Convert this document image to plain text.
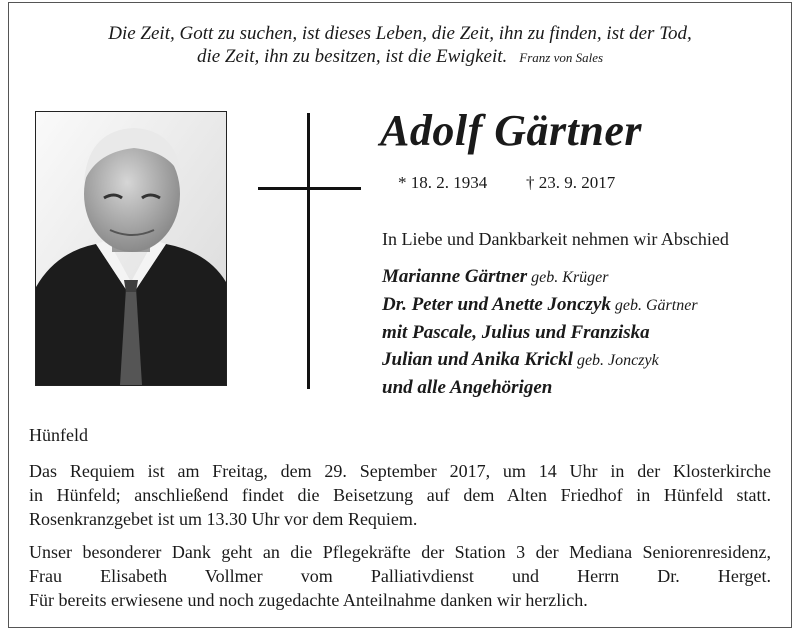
Die Zeit, Gott zu suchen, ist dieses Leben, die Zeit, ihn zu finden, ist der Tod,
die Zeit, ihn zu besitzen, ist die Ewigkeit. Franz von Sales
Adolf Gärtner
* 18. 2. 1934 † 23. 9. 2017
In Liebe und Dankbarkeit nehmen wir Abschied
Marianne Gärtner geb. Krüger
Dr. Peter und Anette Jonczyk geb. Gärtner
mit Pascale, Julius und Franziska
Julian und Anika Krickl geb. Jonczyk
und alle Angehörigen
Hünfeld
Das Requiem ist am Freitag, dem 29. September 2017, um 14 Uhr in der Klosterkirche
in Hünfeld; anschließend findet die Beisetzung auf dem Alten Friedhof in Hünfeld statt.
Rosenkranzgebet ist um 13.30 Uhr vor dem Requiem.
Unser besonderer Dank geht an die Pflegekräfte der Station 3 der Mediana Seniorenresidenz,
Frau Elisabeth Vollmer vom Palliativdienst und Herrn Dr. Herget.
Für bereits erwiesene und noch zugedachte Anteilnahme danken wir herzlich.
